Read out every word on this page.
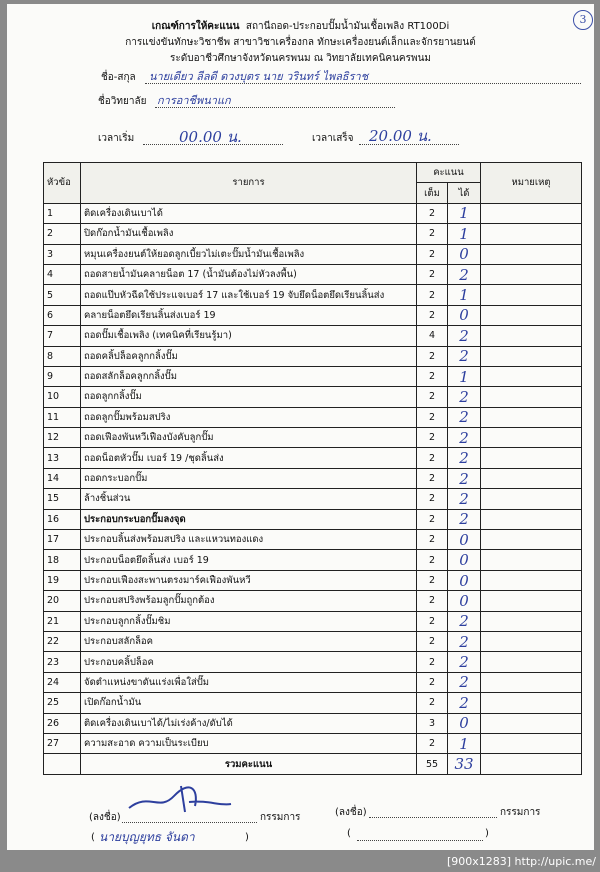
3
เกณฑ์การให้คะแนน สถานีถอด-ประกอบปั๊มน้ำมันเชื้อเพลิง RT100Di
การแข่งขันทักษะวิชาชีพ สาขาวิชาเครื่องกล ทักษะเครื่องยนต์เล็กและจักรยานยนต์
ระดับอาชีวศึกษาจังหวัดนครพนม ณ วิทยาลัยเทคนิคนครพนม
ชื่อ-สกุล นายเดียว ลีลดี ดวงบุตร นาย วรินทร์ ไพลธิราช
ชื่อวิทยาลัย การอาชีพนาแก
เวลาเริ่ม	00.00 น.	เวลาเสร็จ 20.00 น.
หัวข้อ	รายการ	คะแนน		หมายเหตุ
		เต็ม	ได้	
1	ติดเครื่องเดินเบาได้	2	1	
2	ปิดก๊อกน้ำมันเชื้อเพลิง	2	1	
3	หมุนเครื่องยนต์ให้ยอดลูกเบี้ยวไม่เตะปั๊มน้ำมันเชื้อเพลิง	2	0	
4	ถอดสายน้ำมันคลายน็อต 17 (น้ำมันต้องไม่หัวลงพื้น)	2	2	
5	ถอดแป๊บหัวฉีดใช้ประแจเบอร์ 17 และใช้เบอร์ 19 จับยึดน็อตยึดเรียนลิ้นส่ง	2	1	
6	คลายน็อตยึดเรียนลิ้นส่งเบอร์ 19	2	0	
7	ถอดปั๊มเชื้อเพลิง (เทคนิคที่เรียนรู้มา)	4	2	
8	ถอดคลิ้ปล็อคลูกกลิ้งปั๊ม	2	2	
9	ถอดสลักล็อคลูกกลิ้งปั๊ม	2	1	
10	ถอดลูกกลิ้งปั๊ม	2	2	
11	ถอดลูกปั๊มพร้อมสปริง	2	2	
12	ถอดเฟืองพันหวีเฟืองบังคับลูกปั๊ม	2	2	
13	ถอดน็อตหัวปั๊ม เบอร์ 19 /ชุดลิ้นส่ง	2	2	
14	ถอดกระบอกปั๊ม	2	2	
15	ล้างชิ้นส่วน	2	2	
16	ประกอบกระบอกปั๊มลงจุด	2	2	
17	ประกอบลิ้นส่งพร้อมสปริง และแหวนทองแดง	2	0	
18	ประกอบน็อตยึดลิ้นส่ง เบอร์ 19	2	0	
19	ประกอบเฟืองสะพานตรงมาร์คเฟืองพันหวี	2	0	
20	ประกอบสปริงพร้อมลูกปั๊มถูกต้อง	2	0	
21	ประกอบลูกกลิ้งปั๊มชิม	2	2	
22	ประกอบสลักล็อค	2	2	
23	ประกอบคลิ้ปล็อค	2	2	
24	จัดตำแหน่งขาดันแร่งเพื่อใส่ปั๊ม	2	2	
25	เปิดก๊อกน้ำมัน	2	2	
26	ติดเครื่องเดินเบาได้/ไม่เร่งค้าง/ดับได้	3	0	
27	ความสะอาด ความเป็นระเบียบ	2	1	
	รวมคะแนน	55	33	
(ลงชื่อ)	กรรมการ
( นายบุญยุทธ จันดา	)
(ลงชื่อ)	กรรมการ
(	)
[900x1283] http://upic.me/
